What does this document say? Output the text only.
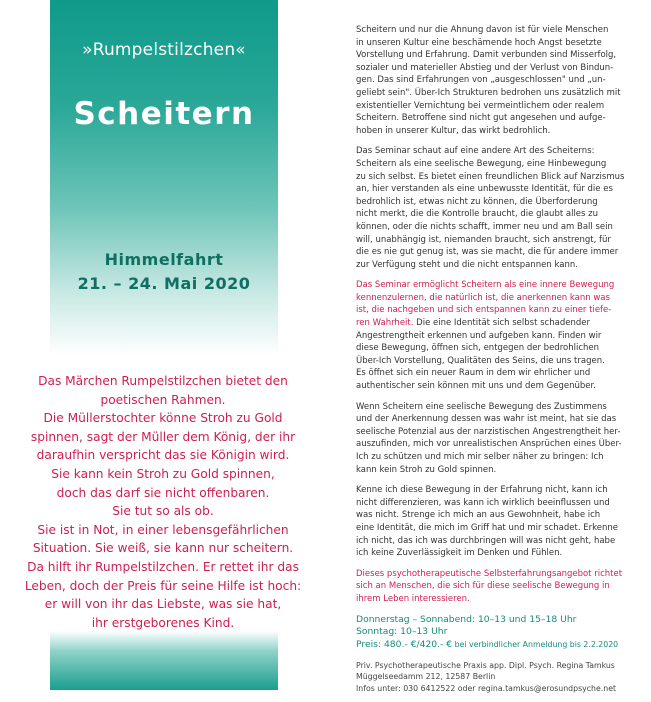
»Rumpelstilzchen«
Scheitern
Himmelfahrt
21. – 24. Mai 2020
Das Märchen Rumpelstilzchen bietet den
poetischen Rahmen.
Die Müllerstochter könne Stroh zu Gold
spinnen, sagt der Müller dem König, der ihr
daraufhin verspricht das sie Königin wird.
Sie kann kein Stroh zu Gold spinnen,
doch das darf sie nicht offenbaren.
Sie tut so als ob.
Sie ist in Not, in einer lebensgefährlichen
Situation. Sie weiß, sie kann nur scheitern.
Da hilft ihr Rumpelstilzchen. Er rettet ihr das
Leben, doch der Preis für seine Hilfe ist hoch:
er will von ihr das Liebste, was sie hat,
ihr erstgeborenes Kind.
Scheitern und nur die Ahnung davon ist für viele Menschen
in unseren Kultur eine beschämende hoch Angst besetzte
Vorstellung und Erfahrung. Damit verbunden sind Misserfolg,
sozialer und materieller Abstieg und der Verlust von Bindun-
gen. Das sind Erfahrungen von „ausgeschlossen" und „un-
geliebt sein". Über-Ich Strukturen bedrohen uns zusätzlich mit
existentieller Vernichtung bei vermeintlichem oder realem
Scheitern. Betroffene sind nicht gut angesehen und aufge-
hoben in unserer Kultur, das wirkt bedrohlich.
Das Seminar schaut auf eine andere Art des Scheiterns:
Scheitern als eine seelische Bewegung, eine Hinbewegung
zu sich selbst. Es bietet einen freundlichen Blick auf Narzismus
an, hier verstanden als eine unbewusste Identität, für die es
bedrohlich ist, etwas nicht zu können, die Überforderung
nicht merkt, die die Kontrolle braucht, die glaubt alles zu
können, oder die nichts schafft, immer neu und am Ball sein
will, unabhängig ist, niemanden braucht, sich anstrengt, für
die es nie gut genug ist, was sie macht, die für andere immer
zur Verfügung steht und die nicht entspannen kann.
Das Seminar ermöglicht Scheitern als eine innere Bewegung
kennenzulernen, die natürlich ist, die anerkennen kann was
ist, die nachgeben und sich entspannen kann zu einer tiefe-
ren Wahrheit. Die eine Identität sich selbst schadender
Angestrengtheit erkennen und aufgeben kann. Finden wir
diese Bewegung, öffnen sich, entgegen der bedrohlichen
Über-Ich Vorstellung, Qualitäten des Seins, die uns tragen.
Es öffnet sich ein neuer Raum in dem wir ehrlicher und
authentischer sein können mit uns und dem Gegenüber.
Wenn Scheitern eine seelische Bewegung des Zustimmens
und der Anerkennung dessen was wahr ist meint, hat sie das
seelische Potenzial aus der narzistischen Angestrengtheit her-
auszufinden, mich vor unrealistischen Ansprüchen eines Über-
Ich zu schützen und mich mir selber näher zu bringen: Ich
kann kein Stroh zu Gold spinnen.
Kenne ich diese Bewegung in der Erfahrung nicht, kann ich
nicht differenzieren, was kann ich wirklich beeinflussen und
was nicht. Strenge ich mich an aus Gewohnheit, habe ich
eine Identität, die mich im Griff hat und mir schadet. Erkenne
ich nicht, das ich was durchbringen will was nicht geht, habe
ich keine Zuverlässigkeit im Denken und Fühlen.
Dieses psychotherapeutische Selbsterfahrungsangebot richtet
sich an Menschen, die sich für diese seelische Bewegung in
ihrem Leben interessieren.
Donnerstag – Sonnabend: 10–13 und 15–18 Uhr
Sonntag: 10–13 Uhr
Preis: 480.- €/420.- € bei verbindlicher Anmeldung bis 2.2.2020
Priv. Psychotherapeutische Praxis app. Dipl. Psych. Regina Tamkus
Müggelseedamm 212, 12587 Berlin
Infos unter: 030 6412522 oder regina.tamkus@erosundpsyche.net
